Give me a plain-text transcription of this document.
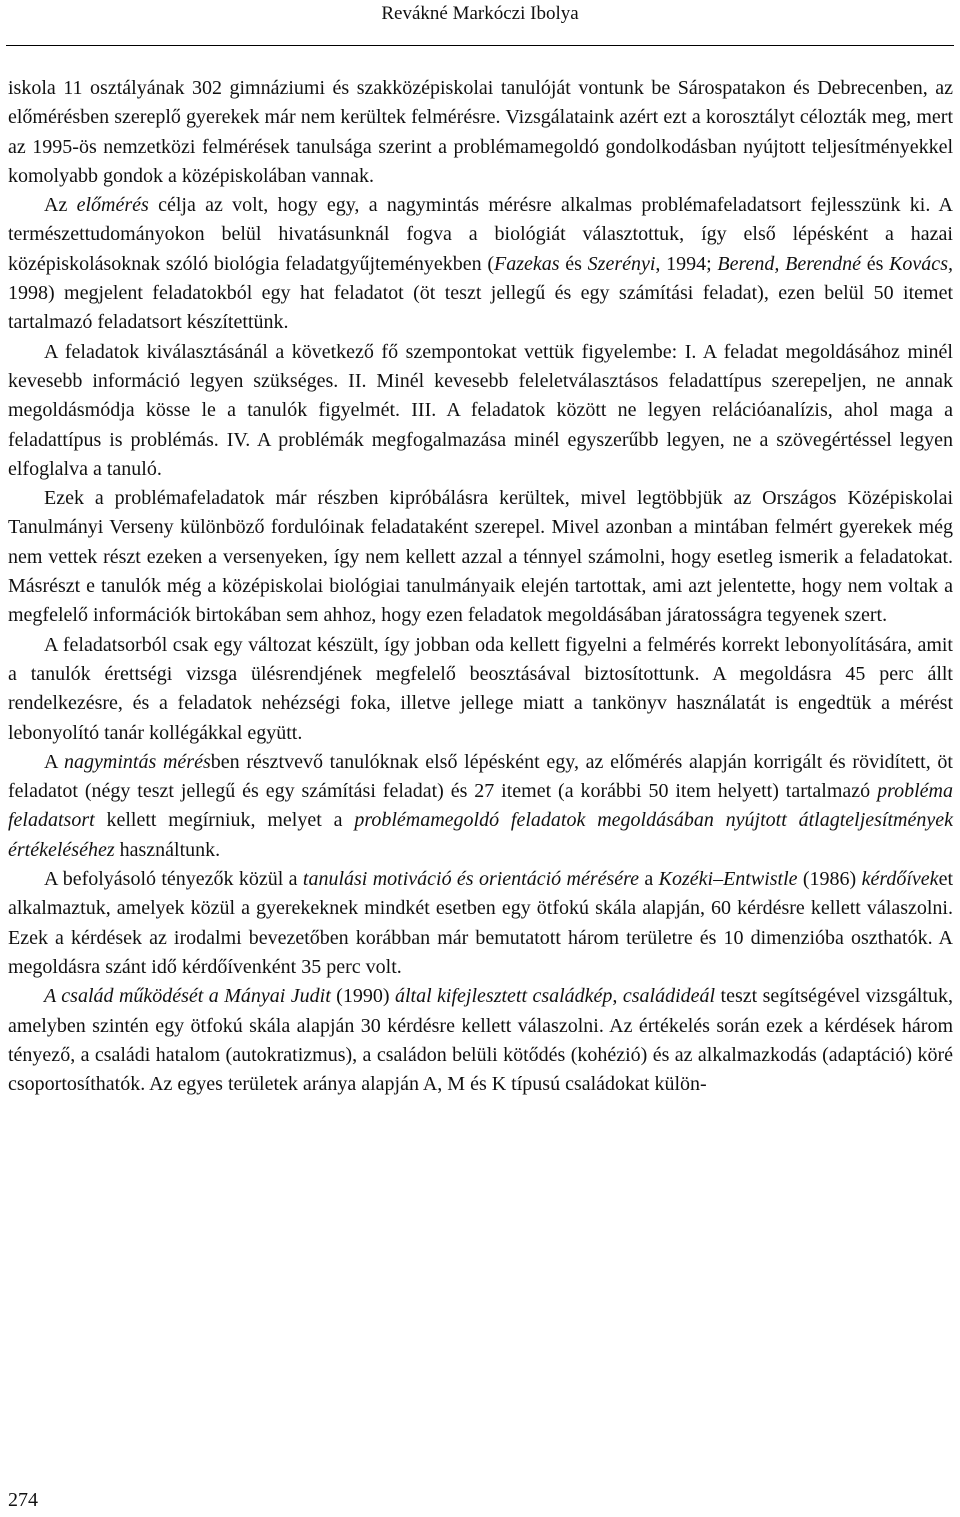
Revákné Markóczi Ibolya

iskola 11 osztályának 302 gimnáziumi és szakközépiskolai tanulóját vontunk be Sárospatakon és Debrecenben, az előmérésben szereplő gyerekek már nem kerültek felmérésre. Vizsgálataink azért ezt a korosztályt célozták meg, mert az 1995-ös nemzetközi felmérések tanulsága szerint a problémamegoldó gondolkodásban nyújtott teljesítményekkel komolyabb gondok a középiskolában vannak.

Az előmérés célja az volt, hogy egy, a nagymintás mérésre alkalmas problémafeladatsort fejlesszünk ki. A természettudományokon belül hivatásunknál fogva a biológiát választottuk, így első lépésként a hazai középiskolásoknak szóló biológia feladatgyűjteményekben (Fazekas és Szerényi, 1994; Berend, Berendné és Kovács, 1998) megjelent feladatokból egy hat feladatot (öt teszt jellegű és egy számítási feladat), ezen belül 50 itemet tartalmazó feladatsort készítettünk.

A feladatok kiválasztásánál a következő fő szempontokat vettük figyelembe: I. A feladat megoldásához minél kevesebb információ legyen szükséges. II. Minél kevesebb feleletválasztásos feladattípus szerepeljen, ne annak megoldásmódja kösse le a tanulók figyelmét. III. A feladatok között ne legyen relációanalízis, ahol maga a feladattípus is problémás. IV. A problémák megfogalmazása minél egyszerűbb legyen, ne a szövegértéssel legyen elfoglalva a tanuló.

Ezek a problémafeladatok már részben kipróbálásra kerültek, mivel legtöbbjük az Országos Középiskolai Tanulmányi Verseny különböző fordulóinak feladataként szerepel. Mivel azonban a mintában felmért gyerekek még nem vettek részt ezeken a versenyeken, így nem kellett azzal a ténnyel számolni, hogy esetleg ismerik a feladatokat. Másrészt e tanulók még a középiskolai biológiai tanulmányaik elején tartottak, ami azt jelentette, hogy nem voltak a megfelelő információk birtokában sem ahhoz, hogy ezen feladatok megoldásában járatosságra tegyenek szert.

A feladatsorból csak egy változat készült, így jobban oda kellett figyelni a felmérés korrekt lebonyolítására, amit a tanulók érettségi vizsga ülésrendjének megfelelő beosztásával biztosítottunk. A megoldásra 45 perc állt rendelkezésre, és a feladatok nehézségi foka, illetve jellege miatt a tankönyv használatát is engedtük a mérést lebonyolító tanár kollégákkal együtt.

A nagymintás mérésben résztvevő tanulóknak első lépésként egy, az előmérés alapján korrigált és rövidített, öt feladatot (négy teszt jellegű és egy számítási feladat) és 27 itemet (a korábbi 50 item helyett) tartalmazó probléma feladatsort kellett megírniuk, melyet a problémamegoldó feladatok megoldásában nyújtott átlagteljesítmények értékeléséhez használtunk.

A befolyásoló tényezők közül a tanulási motiváció és orientáció mérésére a Kozéki–Entwistle (1986) kérdőíveket alkalmaztuk, amelyek közül a gyerekeknek mindkét esetben egy ötfokú skála alapján, 60 kérdésre kellett válaszolni. Ezek a kérdések az irodalmi bevezetőben korábban már bemutatott három területre és 10 dimenzióba oszthatók. A megoldásra szánt idő kérdőívenként 35 perc volt.

A család működését a Mányai Judit (1990) által kifejlesztett családkép, családideál teszt segítségével vizsgáltuk, amelyben szintén egy ötfokú skála alapján 30 kérdésre kellett válaszolni. Az értékelés során ezek a kérdések három tényező, a családi hatalom (autokratizmus), a családon belüli kötődés (kohézió) és az alkalmazkodás (adaptáció) köré csoportosíthatók. Az egyes területek aránya alapján A, M és K típusú családokat külön-

274
